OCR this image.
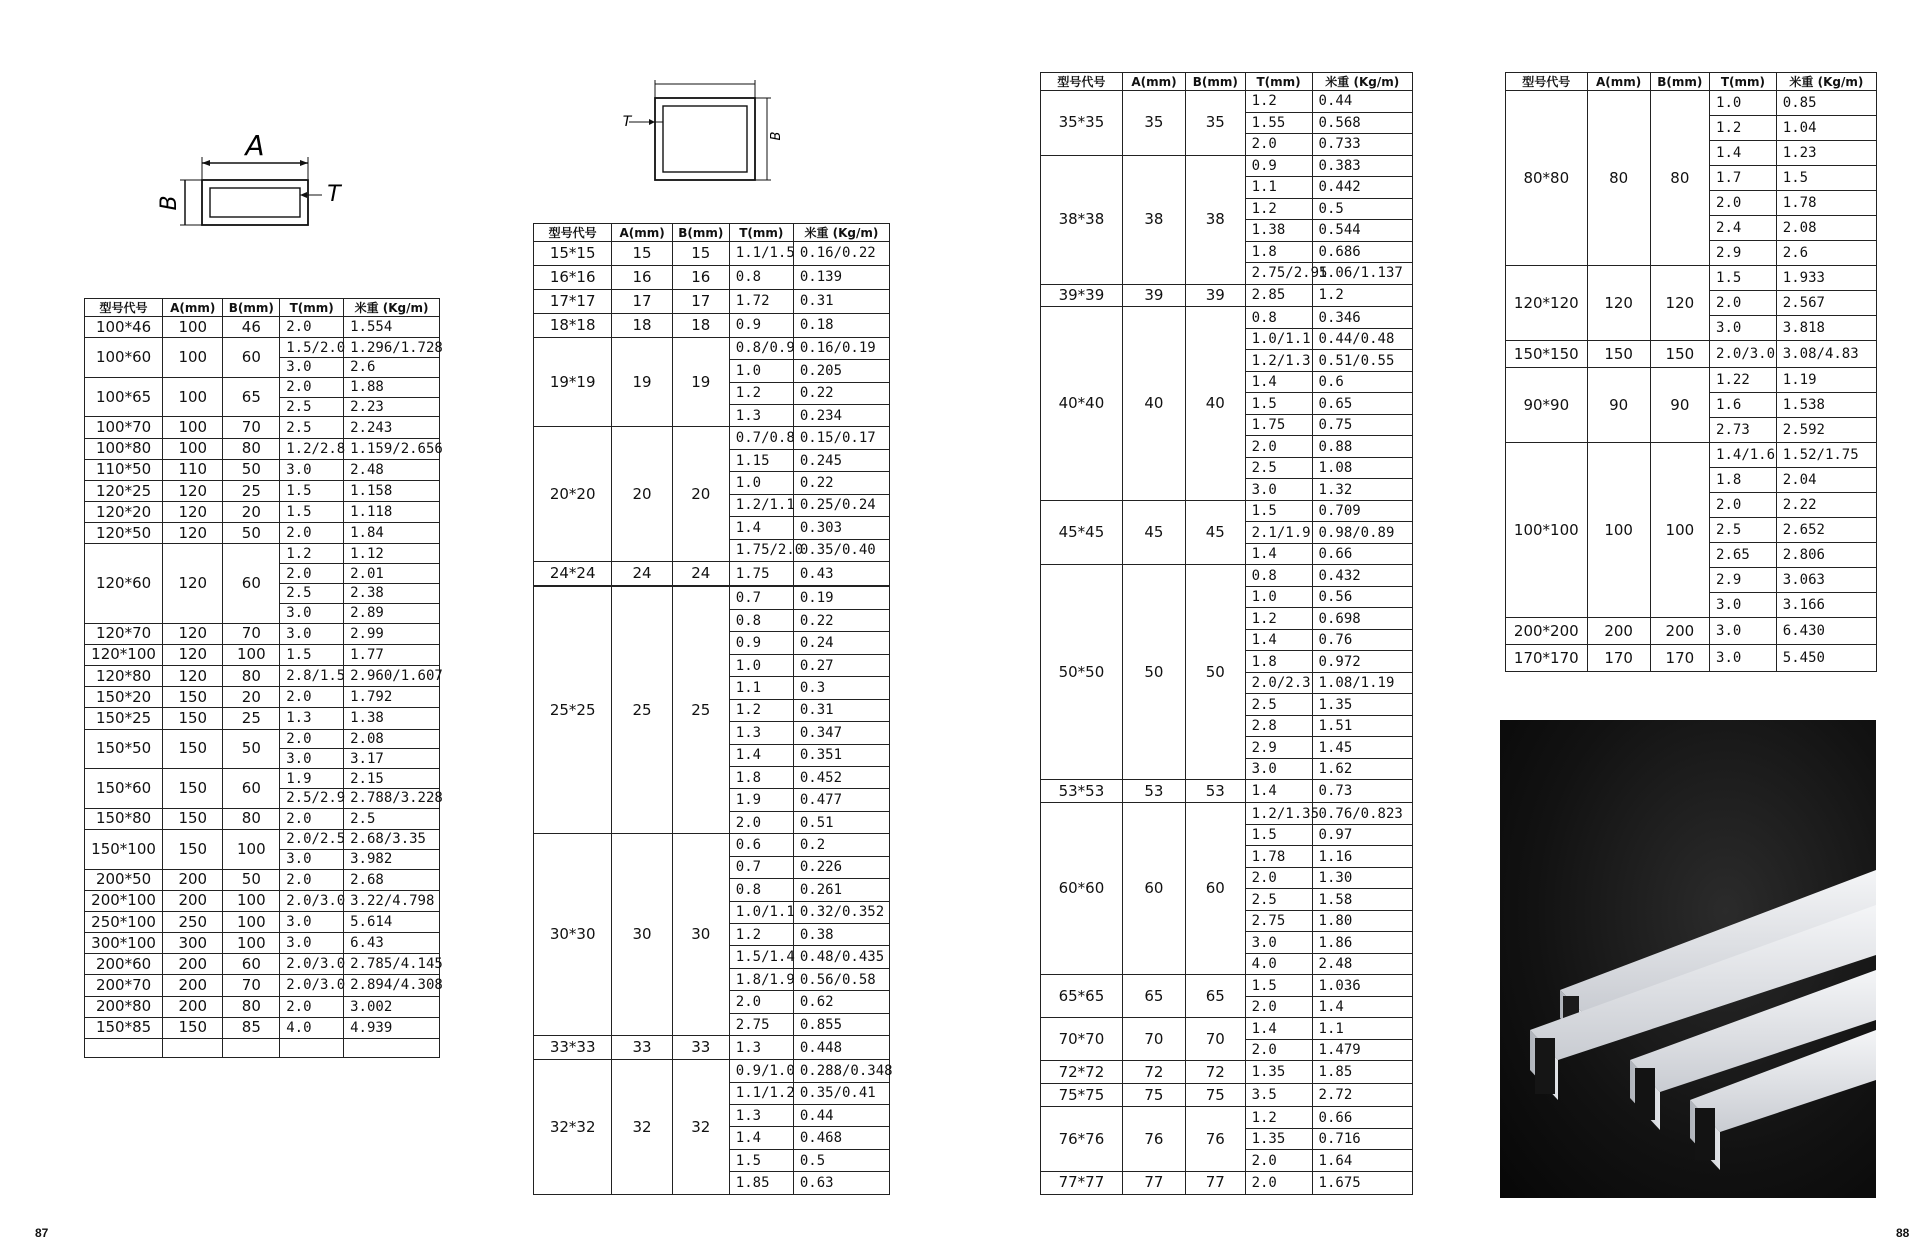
A
B	T
B
T
型号代号	A(mm)	B(mm)	T(mm)	米重 (Kg/m)
100*46	100	46	2.0	1.554
100*60	100	60	1.5/2.0	1.296/1.728
			3.0	2.6
100*65	100	65	2.0	1.88
			2.5	2.23
100*70	100	70	2.5	2.243
100*80	100	80	1.2/2.8	1.159/2.656
110*50	110	50	3.0	2.48
120*25	120	25	1.5	1.158
120*20	120	20	1.5	1.118
120*50	120	50	2.0	1.84
120*60	120	60	1.2	1.12
			2.0	2.01
			2.5	2.38
			3.0	2.89
120*70	120	70	3.0	2.99
120*100	120	100	1.5	1.77
120*80	120	80	2.8/1.5	2.960/1.607
150*20	150	20	2.0	1.792
150*25	150	25	1.3	1.38
150*50	150	50	2.0	2.08
			3.0	3.17
150*60	150	60	1.9	2.15
			2.5/2.9	2.788/3.228
150*80	150	80	2.0	2.5
150*100	150	100	2.0/2.5	2.68/3.35
			3.0	3.982
200*50	200	50	2.0	2.68
200*100	200	100	2.0/3.0	3.22/4.798
250*100	250	100	3.0	5.614
300*100	300	100	3.0	6.43
200*60	200	60	2.0/3.0	2.785/4.145
200*70	200	70	2.0/3.0	2.894/4.308
200*80	200	80	2.0	3.002
150*85	150	85	4.0	4.939

型号代号	A(mm)	B(mm)	T(mm)	米重 (Kg/m)
15*15	15	15	1.1/1.5	0.16/0.22
16*16	16	16	0.8	0.139
17*17	17	17	1.72	0.31
18*18	18	18	0.9	0.18
19*19	19	19	0.8/0.9	0.16/0.19
			1.0	0.205
			1.2	0.22
			1.3	0.234
20*20	20	20	0.7/0.8	0.15/0.17
			1.15	0.245
			1.0	0.22
			1.2/1.1	0.25/0.24
			1.4	0.303
			1.75/2.0	0.35/0.40
24*24	24	24	1.75	0.43

25*25	25	25	0.7	0.19
			0.8	0.22
			0.9	0.24
			1.0	0.27
			1.1	0.3
			1.2	0.31
			1.3	0.347
			1.4	0.351
			1.8	0.452
			1.9	0.477
			2.0	0.51
30*30	30	30	0.6	0.2
			0.7	0.226
			0.8	0.261
			1.0/1.1	0.32/0.352
			1.2	0.38
			1.5/1.4	0.48/0.435
			1.8/1.9	0.56/0.58
			2.0	0.62
			2.75	0.855
33*33	33	33	1.3	0.448
32*32	32	32	0.9/1.0	0.288/0.348
			1.1/1.2	0.35/0.41
			1.3	0.44
			1.4	0.468
			1.5	0.5
			1.85	0.63
型号代号	A(mm)	B(mm)	T(mm)	米重 (Kg/m)
35*35	35	35	1.2	0.44
			1.55	0.568
			2.0	0.733
38*38	38	38	0.9	0.383
			1.1	0.442
			1.2	0.5
			1.38	0.544
			1.8	0.686
			2.75/2.95	1.06/1.137
39*39	39	39	2.85	1.2
40*40	40	40	0.8	0.346
			1.0/1.1	0.44/0.48
			1.2/1.3	0.51/0.55
			1.4	0.6
			1.5	0.65
			1.75	0.75
			2.0	0.88
			2.5	1.08
			3.0	1.32
45*45	45	45	1.5	0.709
			2.1/1.9	0.98/0.89
			1.4	0.66
50*50	50	50	0.8	0.432
			1.0	0.56
			1.2	0.698
			1.4	0.76
			1.8	0.972
			2.0/2.3	1.08/1.19
			2.5	1.35
			2.8	1.51
			2.9	1.45
			3.0	1.62
53*53	53	53	1.4	0.73
60*60	60	60	1.2/1.35	0.76/0.823
			1.5	0.97
			1.78	1.16
			2.0	1.30
			2.5	1.58
			2.75	1.80
			3.0	1.86
			4.0	2.48
65*65	65	65	1.5	1.036
			2.0	1.4
70*70	70	70	1.4	1.1
			2.0	1.479
72*72	72	72	1.35	1.85
75*75	75	75	3.5	2.72
76*76	76	76	1.2	0.66
			1.35	0.716
			2.0	1.64
77*77	77	77	2.0	1.675
型号代号	A(mm)	B(mm)	T(mm)	米重 (Kg/m)
80*80	80	80	1.0	0.85
			1.2	1.04
			1.4	1.23
			1.7	1.5
			2.0	1.78
			2.4	2.08
			2.9	2.6
120*120	120	120	1.5	1.933
			2.0	2.567
			3.0	3.818
150*150	150	150	2.0/3.0	3.08/4.83
90*90	90	90	1.22	1.19
			1.6	1.538
			2.73	2.592
100*100	100	100	1.4/1.6	1.52/1.75
			1.8	2.04
			2.0	2.22
			2.5	2.652
			2.65	2.806
			2.9	3.063
			3.0	3.166
200*200	200	200	3.0	6.430
170*170	170	170	3.0	5.450
87	88
